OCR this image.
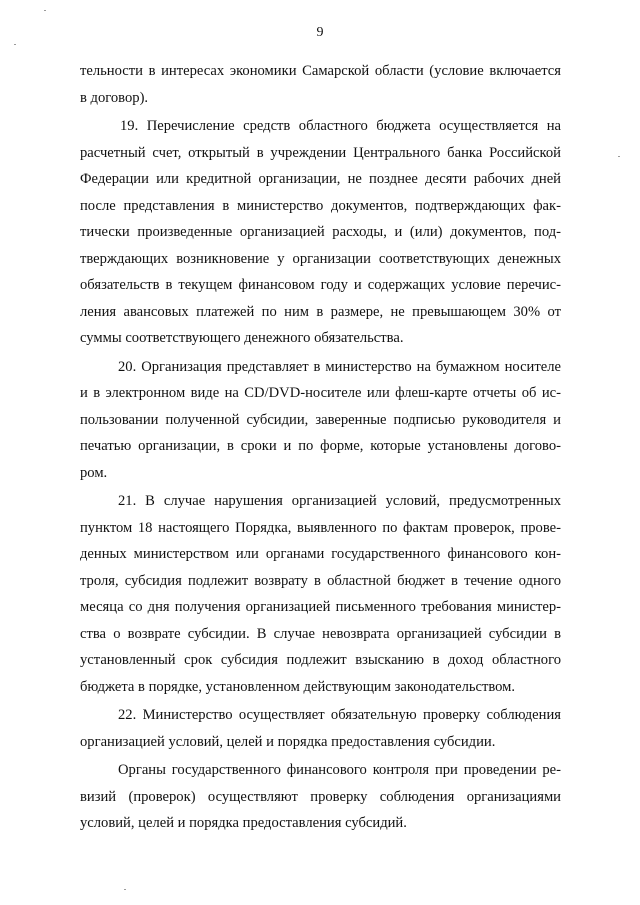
9
тельности в интересах экономики Самарской области (условие включается
в договор).
19. Перечисление средств областного бюджета осуществляется на
расчетный счет, открытый в учреждении Центрального банка Российской
Федерации или кредитной организации, не позднее десяти рабочих дней
после представления в министерство документов, подтверждающих фак-
тически произведенные организацией расходы, и (или) документов, под-
тверждающих возникновение у организации соответствующих денежных
обязательств в текущем финансовом году и содержащих условие перечис-
ления авансовых платежей по ним в размере, не превышающем 30% от
суммы соответствующего денежного обязательства.
20. Организация представляет в министерство на бумажном носителе
и в электронном виде на CD/DVD-носителе или флеш-карте отчеты об ис-
пользовании полученной субсидии, заверенные подписью руководителя и
печатью организации, в сроки и по форме, которые установлены догово-
ром.
21. В случае нарушения организацией условий, предусмотренных
пунктом 18 настоящего Порядка, выявленного по фактам проверок, прове-
денных министерством или органами государственного финансового кон-
троля, субсидия подлежит возврату в областной бюджет в течение одного
месяца со дня получения организацией письменного требования министер-
ства о возврате субсидии. В случае невозврата организацией субсидии в
установленный срок субсидия подлежит взысканию в доход областного
бюджета в порядке, установленном действующим законодательством.
22. Министерство осуществляет обязательную проверку соблюдения
организацией условий, целей и порядка предоставления субсидии.
Органы государственного финансового контроля при проведении ре-
визий (проверок) осуществляют проверку соблюдения организациями
условий, целей и порядка предоставления субсидий.
